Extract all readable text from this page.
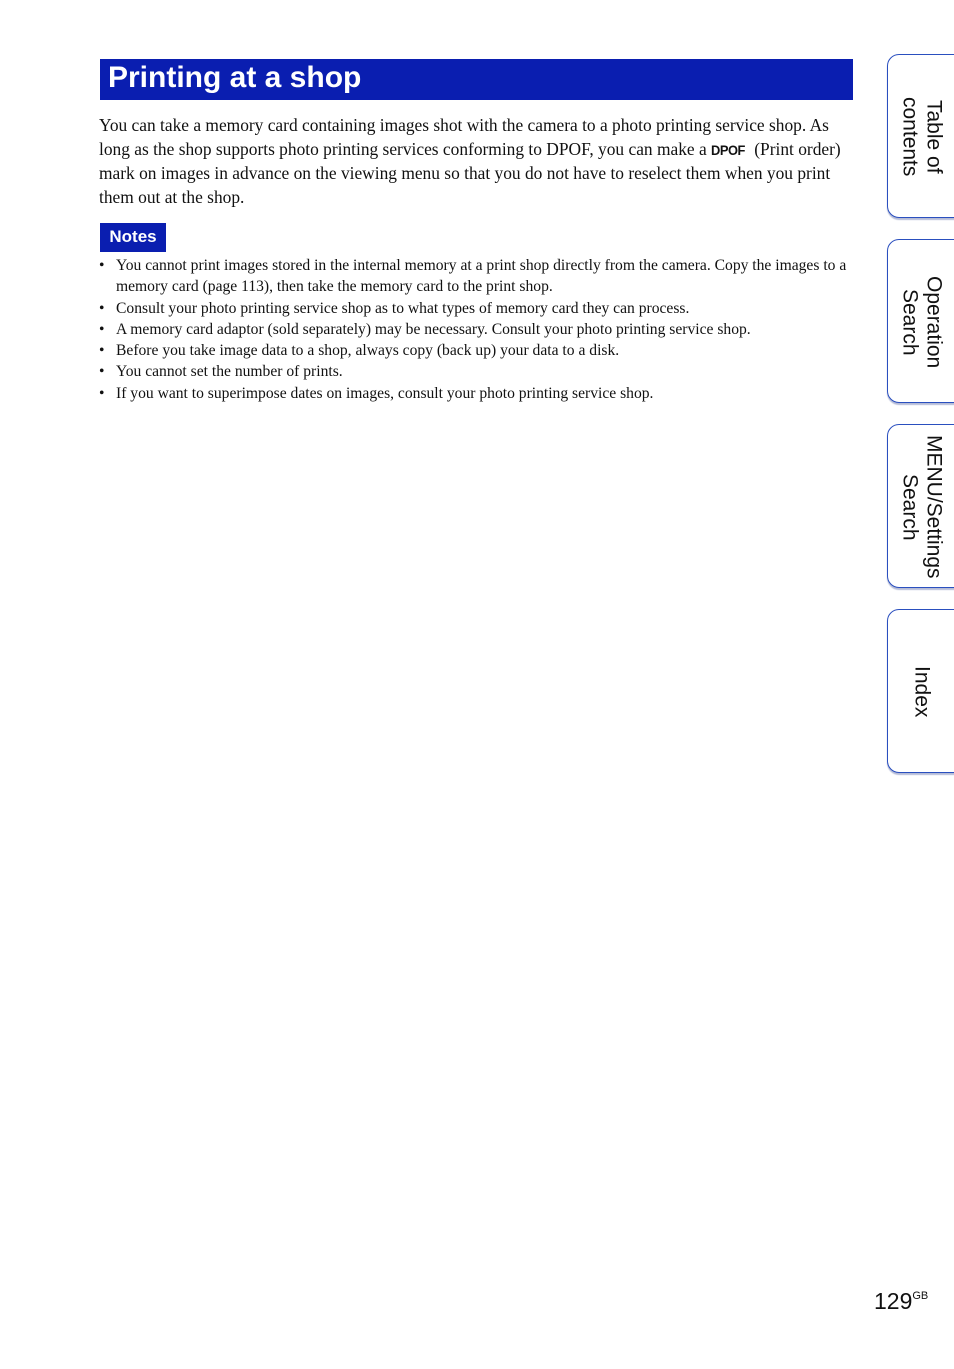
Printing at a shop

You can take a memory card containing images shot with the camera to a photo printing service shop. As long as the shop supports photo printing services conforming to DPOF, you can make a DPOF (Print order) mark on images in advance on the viewing menu so that you do not have to reselect them when you print them out at the shop.

Notes
• You cannot print images stored in the internal memory at a print shop directly from the camera. Copy the images to a memory card (page 113), then take the memory card to the print shop.
• Consult your photo printing service shop as to what types of memory card they can process.
• A memory card adaptor (sold separately) may be necessary. Consult your photo printing service shop.
• Before you take image data to a shop, always copy (back up) your data to a disk.
• You cannot set the number of prints.
• If you want to superimpose dates on images, consult your photo printing service shop.
Table of
contents
Operation
Search
MENU/Settings
Search
Index
$129^{GB}$
